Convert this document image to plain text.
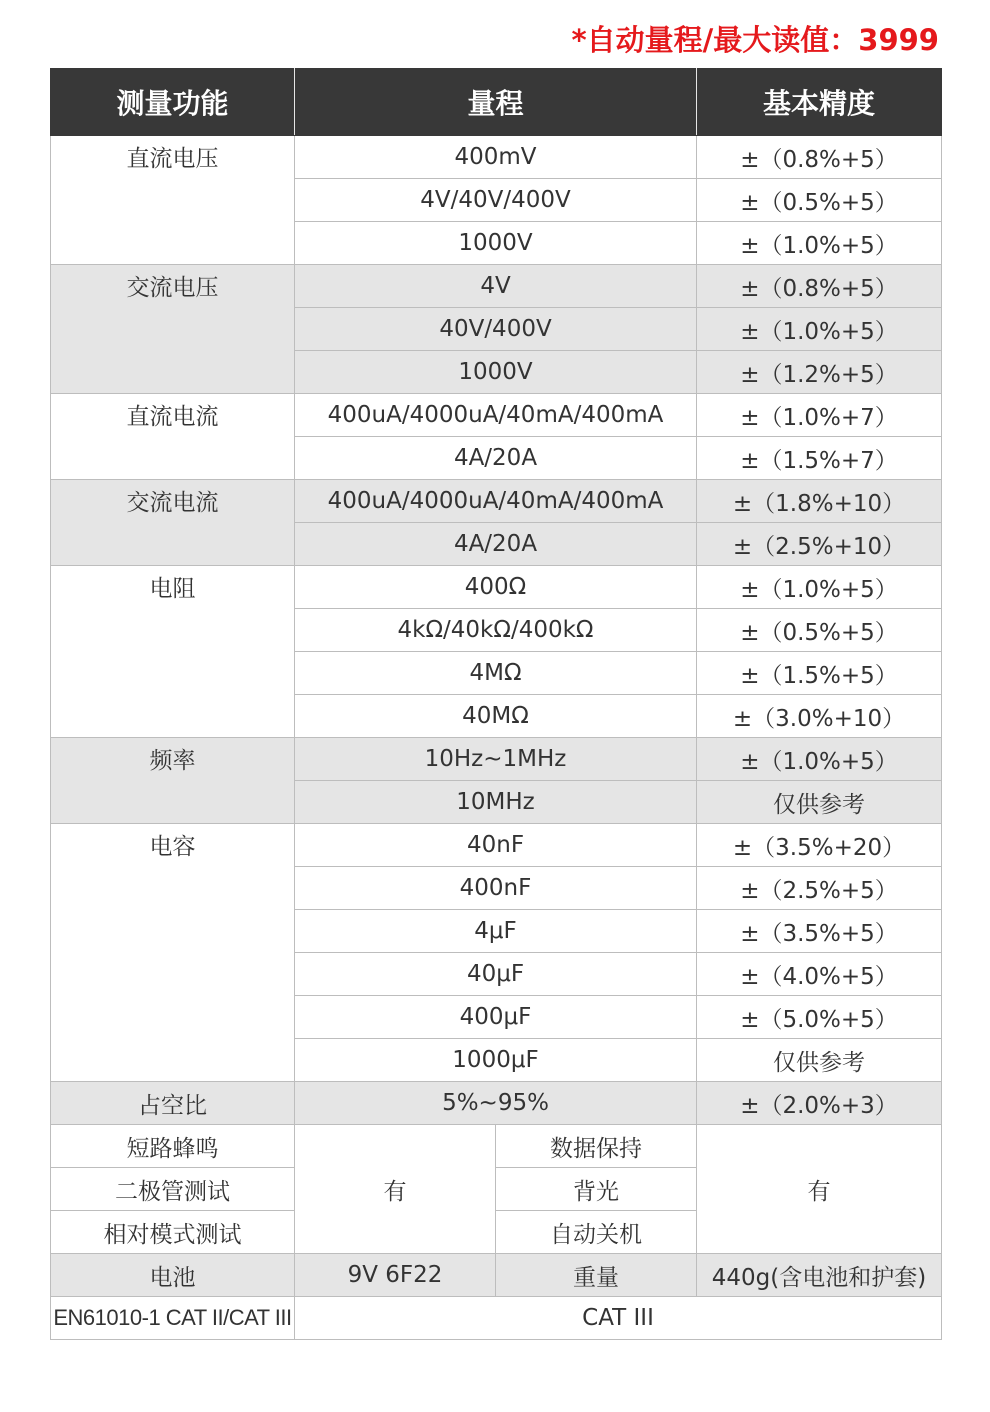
*自动量程/最大读值：3999
测量功能	量程		基本精度
直流电压	400mV		±（0.8%+5）
	4V/40V/400V		±（0.5%+5）
	1000V		±（1.0%+5）
交流电压	4V		±（0.8%+5）
	40V/400V		±（1.0%+5）
	1000V		±（1.2%+5）
直流电流	400uA/4000uA/40mA/400mA		±（1.0%+7）
	4A/20A		±（1.5%+7）
交流电流	400uA/4000uA/40mA/400mA		±（1.8%+10）
	4A/20A		±（2.5%+10）
电阻	400Ω		±（1.0%+5）
	4kΩ/40kΩ/400kΩ		±（0.5%+5）
	4MΩ		±（1.5%+5）
	40MΩ		±（3.0%+10）
频率	10Hz~1MHz		±（1.0%+5）
	10MHz		仅供参考
电容	40nF		±（3.5%+20）
	400nF		±（2.5%+5）
	4μF		±（3.5%+5）
	40μF		±（4.0%+5）
	400μF		±（5.0%+5）
	1000μF		仅供参考
占空比	5%~95%		±（2.0%+3）
短路蜂鸣	有	数据保持	有
二极管测试		背光	
相对模式测试		自动关机	
电池	9V 6F22	重量	440g(含电池和护套)
EN61010-1 CAT II/CAT III	CAT III		
